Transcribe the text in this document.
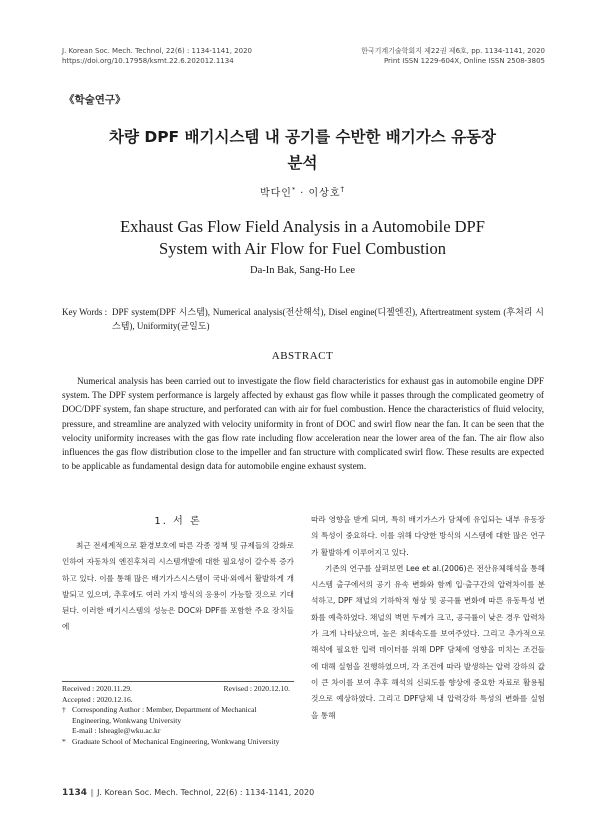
J. Korean Soc. Mech. Technol, 22(6) : 1134-1141, 2020
https://doi.org/10.17958/ksmt.22.6.202012.1134
한국기계기술학회지 제22권 제6호, pp. 1134-1141, 2020
Print ISSN 1229-604X, Online ISSN 2508-3805
《학술연구》
차량 DPF 배기시스템 내 공기를 수반한 배기가스 유동장
분석
박다인* · 이상호†
Exhaust Gas Flow Field Analysis in a Automobile DPF
System with Air Flow for Fuel Combustion
Da-In Bak, Sang-Ho Lee
Key Words : DPF system(DPF 시스템), Numerical analysis(전산해석), Disel engine(디젤엔진), Aftertreatment system (후처리 시스템), Uniformity(균일도)
ABSTRACT

Numerical analysis has been carried out to investigate the flow field characteristics for exhaust gas in automobile engine DPF system. The DPF system performance is largely affected by exhaust gas flow while it passes through the complicated geometry of DOC/DPF system, fan shape structure, and perforated can with air for fuel combustion. Hence the characteristics of fluid velocity, pressure, and streamline are analyzed with velocity uniformity in front of DOC and swirl flow near the fan. It can be seen that the velocity uniformity increases with the gas flow rate including flow acceleration near the lower area of the fan. The air flow also influences the gas flow distribution close to the impeller and fan structure with complicated swirl flow. These results are expected to be applicable as fundamental design data for automobile engine exhaust system.

1. 서 론

최근 전세계적으로 환경보호에 따른 각종 정책 및 규제들의 강화로 인하여 자동차의 엔진후처리 시스템개발에 대한 필요성이 갈수록 증가하고 있다. 이를 통해 많은 배기가스시스템이 국내·외에서 활발하게 개발되고 있으며, 추후에도 여러 가지 방식의 응용이 가능할 것으로 기대된다. 이러한 배기시스템의 성능은 DOC와 DPF를 포함한 주요 장치들에

Received : 2020.11.29.	Revised : 2020.12.10.
Accepted : 2020.12.16.
† Corresponding Author : Member, Department of Mechanical Engineering, Wonkwang University
E-mail : lsheagle@wku.ac.kr
* Graduate School of Mechanical Engineering, Wonkwang University

따라 영향을 받게 되며, 특히 배기가스가 담체에 유입되는 내부 유동장의 특성이 중요하다. 이를 위해 다양한 방식의 시스템에 대한 많은 연구가 활발하게 이루어지고 있다.

기존의 연구를 살펴보면 Lee et al.(2006)은 전산유체해석을 통해 시스템 출구에서의 공기 유속 변화와 함께 입·출구간의 압력차이를 분석하고, DPF 채널의 기하학적 형상 및 공극률 변화에 따른 유동특성 변화를 예측하였다. 채널의 벽면 두께가 크고, 공극률이 낮은 경우 압력차가 크게 나타났으며, 높은 최대속도를 보여주었다. 그리고 추가적으로 해석에 필요한 입력 데이터를 위해 DPF 담체에 영향을 미치는 조건들에 대해 실험을 진행하였으며, 각 조건에 따라 발생하는 압력 강하의 값이 큰 차이를 보여 추후 해석의 신뢰도를 향상에 중요한 자료로 활용될 것으로 예상하였다. 그리고 DPF담체 내 압력강하 특성의 변화를 실험을 통해

1134 ‖ J. Korean Soc. Mech. Technol, 22(6) : 1134-1141, 2020
